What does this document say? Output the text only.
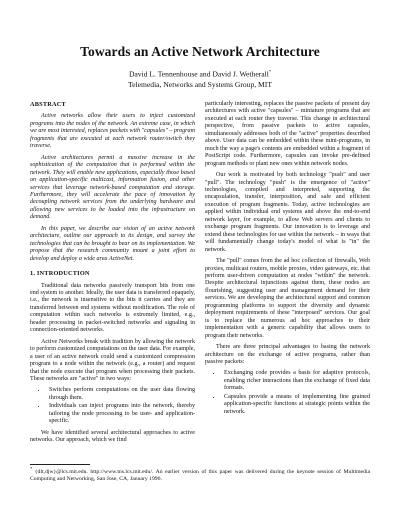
Towards an Active Network Architecture
David L. Tennenhouse and David J. Wetherall*
Telemedia, Networks and Systems Group, MIT
ABSTRACT
Active networks allow their users to inject customized programs into the nodes of the network. An extreme case, in which we are most interested, replaces packets with "capsules" – program fragments that are executed at each network router/switch they traverse.
Active architectures permit a massive increase in the sophistication of the computation that is performed within the network. They will enable new applications, especially those based on application-specific multicast, information fusion, and other services that leverage network-based computation and storage. Furthermore, they will accelerate the pace of innovation by decoupling network services from the underlying hardware and allowing new services to be loaded into the infrastructure on demand.
In this paper, we describe our vision of an active network architecture, outline our approach to its design, and survey the technologies that can be brought to bear on its implementation. We propose that the research community mount a joint effort to develop and deploy a wide area ActiveNet.
1. INTRODUCTION
Traditional data networks passively transport bits from one end system to another. Ideally, the user data is transferred opaquely, i.e., the network is insensitive to the bits it carries and they are transferred between end systems without modification. The role of computation within such networks is extremely limited, e.g., header processing in packet-switched networks and signaling in connection-oriented networks.
Active Networks break with tradition by allowing the network to perform customized computations on the user data. For example, a user of an active network could send a customized compression program to a node within the network (e.g., a router) and request that the node execute that program when processing their packets. These networks are "active" in two ways:
• Switches perform computations on the user data flowing through them.
• Individuals can inject programs into the network, thereby tailoring the node processing to be user- and application-specific.
We have identified several architectural approaches to active networks. Our approach, which we find
particularly interesting, replaces the passive packets of present day architectures with active "capsules" – miniature programs that are executed at each router they traverse. This change in architectural perspective, from passive packets to active capsules, simultaneously addresses both of the "active" properties described above. User data can be embedded within these mini-programs, in much the way a page's contents are embedded within a fragment of PostScript code. Furthermore, capsules can invoke pre-defined program methods or plant new ones within network nodes.
Our work is motivated by both technology "push" and user "pull". The technology "push" is the emergence of "active" technologies, compiled and interpreted, supporting the encapsulation, transfer, interposition, and safe and efficient execution of program fragments. Today, active technologies are applied within individual end systems and above the end-to-end network layer, for example, to allow Web servers and clients to exchange program fragments. Our innovation is to leverage and extend these technologies for use within the network – in ways that will fundamentally change today's model of what is "in" the network.
The "pull" comes from the ad hoc collection of firewalls, Web proxies, multicast routers, mobile proxies, video gateways, etc. that perform user-driven computation at nodes "within" the network. Despite architectural injunctions against them, these nodes are flourishing, suggesting user and management demand for their services. We are developing the architectural support and common programming platforms to support the diversity and dynamic deployment requirements of these "interposed" services. Our goal is to replace the numerous ad hoc approaches to their implementation with a generic capability that allows users to program their networks.
There are three principal advantages to basing the network architecture on the exchange of active programs, rather than passive packets:
• Exchanging code provides a basis for adaptive protocols, enabling richer interactions than the exchange of fixed data formats.
• Capsules provide a means of implementing fine grained application-specific functions at strategic points within the network.
* {dlt,djw}@lcs.mit.edu. http://www.tns.lcs.mit.edu/. An earlier version of this paper was delivered during the keynote session of Multimedia Computing and Networking, San Jose, CA, January 1996.
